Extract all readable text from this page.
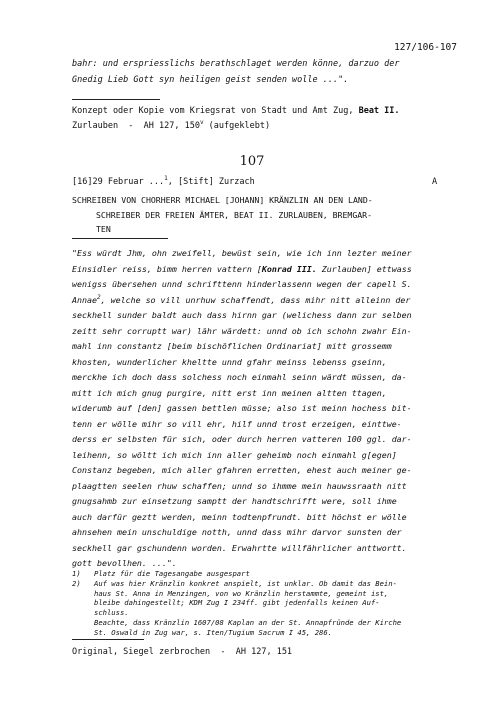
127/106-107
bahr: und erspriesslichs berathschlaget werden könne, darzuo der
Gnedig Lieb Gott syn heiligen geist senden wolle ...".
Konzept oder Kopie vom Kriegsrat von Stadt und Amt Zug, Beat II.
Zurlauben  -  AH 127, 150$^v$ (aufgeklebt)
107
[16]29 Februar ...$^1$, [Stift] Zurzach	A
SCHREIBEN VON CHORHERR MICHAEL [JOHANN] KRÄNZLIN AN DEN LAND-
SCHREIBER DER FREIEN ÄMTER, BEAT II. ZURLAUBEN, BREMGAR-
TEN
"Ess würdt Jhm, ohn zweifell, bewüst sein, wie ich inn lezter meiner
Einsidler reiss, bimm herren vattern [Konrad III. Zurlauben] ettwass
wenigss übersehen unnd schrifttenn hinderlassenn wegen der capell S.
Annae$^2$, welche so vill unrhuw schaffendt, dass mihr nitt alleinn der
seckhell sunder baldt auch dass hirnn gar (welichess dann zur selben
zeitt sehr corruptt war) lähr wärdett: unnd ob ich schohn zwahr Ein-
mahl inn constantz [beim bischöflichen Ordinariat] mitt grossemm
khosten, wunderlicher kheltte unnd gfahr meinss lebenss gseinn,
merckhe ich doch dass solchess noch einmahl seinn wärdt müssen, da-
mitt ich mich gnug purgire, nitt erst inn meinen altten ttagen,
widerumb auf [den] gassen bettlen müsse; also ist meinn hochess bit-
tenn er wölle mihr so vill ehr, hilf unnd trost erzeigen, einttwe-
derss er selbsten für sich, oder durch herren vatteren 100 ggl. dar-
leihenn, so wöltt ich mich inn aller geheimb noch einmahl g[egen]
Constanz begeben, mich aller gfahren erretten, ehest auch meiner ge-
plaagtten seelen rhuw schaffen; unnd so ihmme mein hauwssraath nitt
gnugsahmb zur einsetzung samptt der handtschrifft were, soll ihme
auch darfür geztt werden, meinn todtenpfrundt. bitt höchst er wölle
ahnsehen mein unschuldige notth, unnd dass mihr darvor sunsten der
seckhell gar gschundenn worden. Erwahrtte willfährlicher anttwortt.
gott bevollhen. ...".
1) Platz für die Tagesangabe ausgespart
2) Auf was hier Kränzlin konkret anspielt, ist unklar. Ob damit das Bein-
haus St. Anna in Menzingen, von wo Kränzlin herstammte, gemeint ist,
bleibe dahingestellt; KDM Zug I 234ff. gibt jedenfalls keinen Auf-
schluss.
Beachte, dass Kränzlin 1607/08 Kaplan an der St. Annapfründe der Kirche
St. Oswald in Zug war, s. Iten/Tugium Sacrum I 45, 286.
Original, Siegel zerbrochen  -  AH 127, 151
